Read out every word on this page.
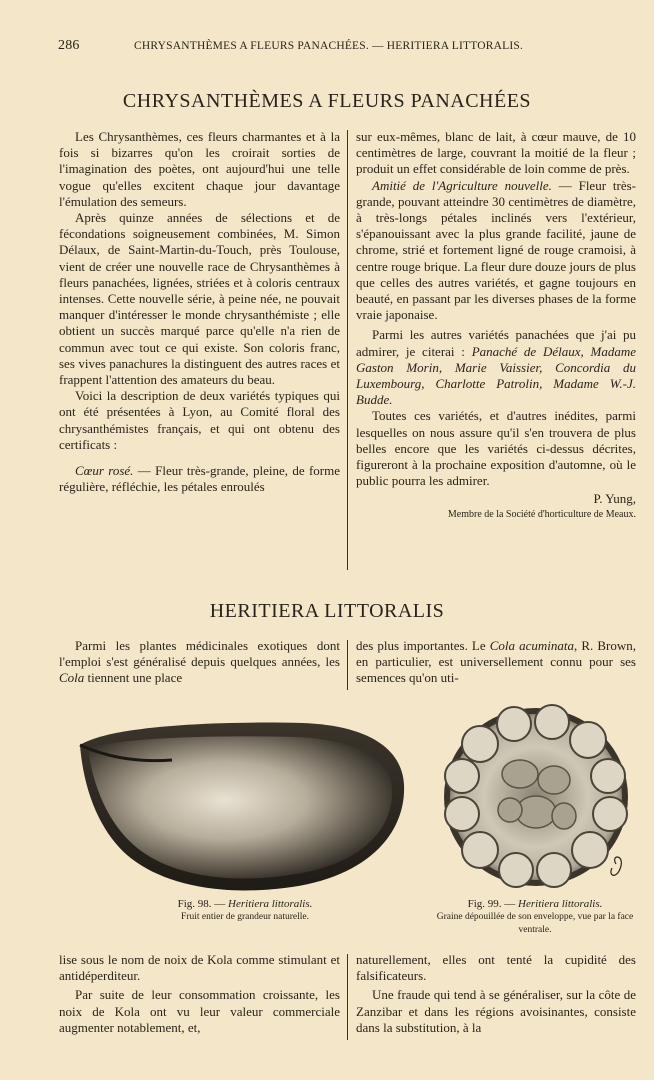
286	CHRYSANTHÈMES A FLEURS PANACHÉES. — HERITIERA LITTORALIS.
CHRYSANTHÈMES A FLEURS PANACHÉES

Les Chrysanthèmes, ces fleurs charmantes et à la fois si bizarres qu'on les croirait sorties de l'imagination des poètes, ont aujourd'hui une telle vogue qu'elles excitent chaque jour davantage l'émulation des semeurs.

Après quinze années de sélections et de fécondations soigneusement combinées, M. Simon Délaux, de Saint-Martin-du-Touch, près Toulouse, vient de créer une nouvelle race de Chrysanthèmes à fleurs panachées, lignées, striées et à coloris centraux intenses. Cette nouvelle série, à peine née, ne pouvait manquer d'intéresser le monde chrysanthémiste ; elle obtient un succès marqué parce qu'elle n'a rien de commun avec tout ce qui existe. Son coloris franc, ses vives panachures la distinguent des autres races et frappent l'attention des amateurs du beau.

Voici la description de deux variétés typiques qui ont été présentées à Lyon, au Comité floral des chrysanthémistes français, et qui ont obtenu des certificats :

Cœur rosé. — Fleur très-grande, pleine, de forme régulière, réfléchie, les pétales enroulés

sur eux-mêmes, blanc de lait, à cœur mauve, de 10 centimètres de large, couvrant la moitié de la fleur ; produit un effet considérable de loin comme de près.

Amitié de l'Agriculture nouvelle. — Fleur très-grande, pouvant atteindre 30 centimètres de diamètre, à très-longs pétales inclinés vers l'extérieur, s'épanouissant avec la plus grande facilité, jaune de chrome, strié et fortement ligné de rouge cramoisi, à centre rouge brique. La fleur dure douze jours de plus que celles des autres variétés, et gagne toujours en beauté, en passant par les diverses phases de la forme vraie japonaise.

Parmi les autres variétés panachées que j'ai pu admirer, je citerai : Panaché de Délaux, Madame Gaston Morin, Marie Vaissier, Concordia du Luxembourg, Charlotte Patrolin, Madame W.-J. Budde.

Toutes ces variétés, et d'autres inédites, parmi lesquelles on nous assure qu'il s'en trouvera de plus belles encore que les variétés ci-dessus décrites, figureront à la prochaine exposition d'automne, où le public pourra les admirer.

P. Yung,
Membre de la Société d'horticulture de Meaux.
HERITIERA LITTORALIS

Parmi les plantes médicinales exotiques dont l'emploi s'est généralisé depuis quelques années, les Cola tiennent une place

des plus importantes. Le Cola acuminata, R. Brown, en particulier, est universellement connu pour ses semences qu'on uti-

Fig. 98. — Heritiera littoralis.
Fruit entier de grandeur naturelle.
Fig. 99. — Heritiera littoralis.
Graine dépouillée de son enveloppe, vue par la face ventrale.

lise sous le nom de noix de Kola comme stimulant et antidéperditeur.

Par suite de leur consommation croissante, les noix de Kola ont vu leur valeur commerciale augmenter notablement, et,

naturellement, elles ont tenté la cupidité des falsificateurs.

Une fraude qui tend à se généraliser, sur la côte de Zanzibar et dans les régions avoisinantes, consiste dans la substitution, à la
